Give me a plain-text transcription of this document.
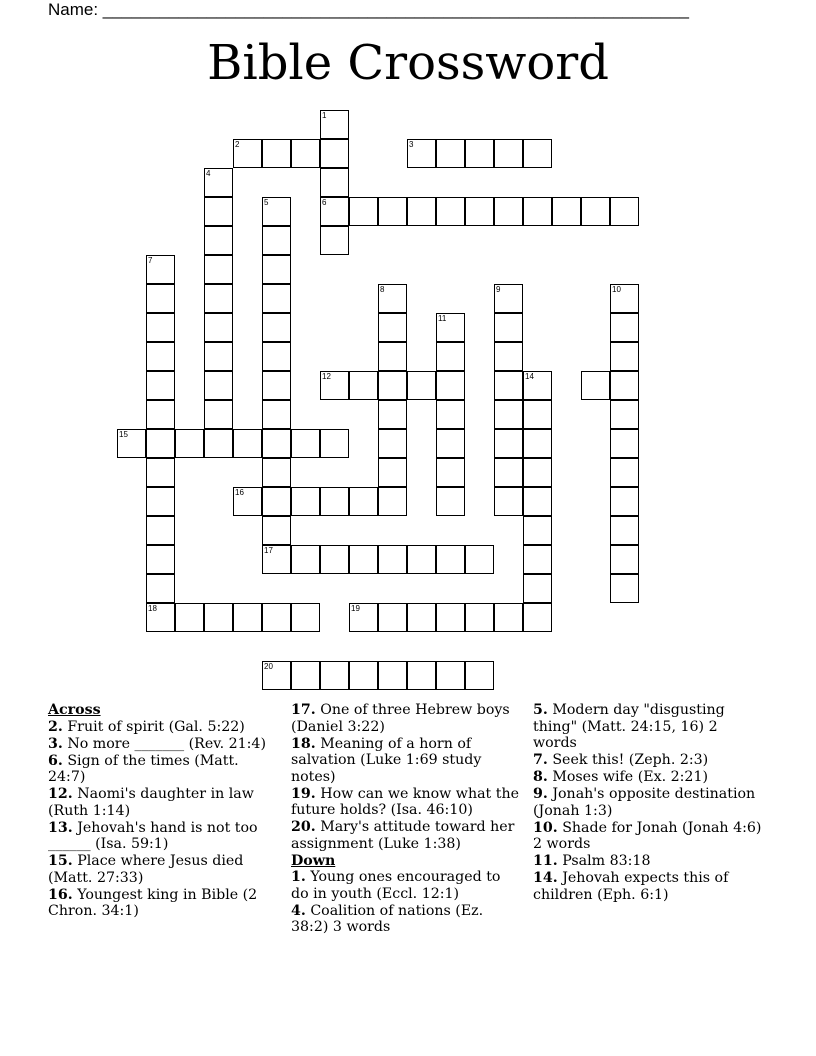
Name: ______________________________________________________________
Bible Crossword
1
2	3
4
5	6
7
8	9	10
11
12	14
15
16
17
18	19
20
Across
2. Fruit of spirit (Gal. 5:22)
3. No more _______ (Rev. 21:4)
6. Sign of the times (Matt. 24:7)
12. Naomi's daughter in law (Ruth 1:14)
13. Jehovah's hand is not too ______ (Isa. 59:1)
15. Place where Jesus died (Matt. 27:33)
16. Youngest king in Bible (2 Chron. 34:1)
17. One of three Hebrew boys (Daniel 3:22)
18. Meaning of a horn of salvation (Luke 1:69 study notes)
19. How can we know what the future holds? (Isa. 46:10)
20. Mary's attitude toward her assignment (Luke 1:38)
Down
1. Young ones encouraged to do in youth (Eccl. 12:1)
4. Coalition of nations (Ez. 38:2) 3 words
5. Modern day "disgusting thing" (Matt. 24:15, 16) 2 words
7. Seek this! (Zeph. 2:3)
8. Moses wife (Ex. 2:21)
9. Jonah's opposite destination (Jonah 1:3)
10. Shade for Jonah (Jonah 4:6) 2 words
11. Psalm 83:18
14. Jehovah expects this of children (Eph. 6:1)
